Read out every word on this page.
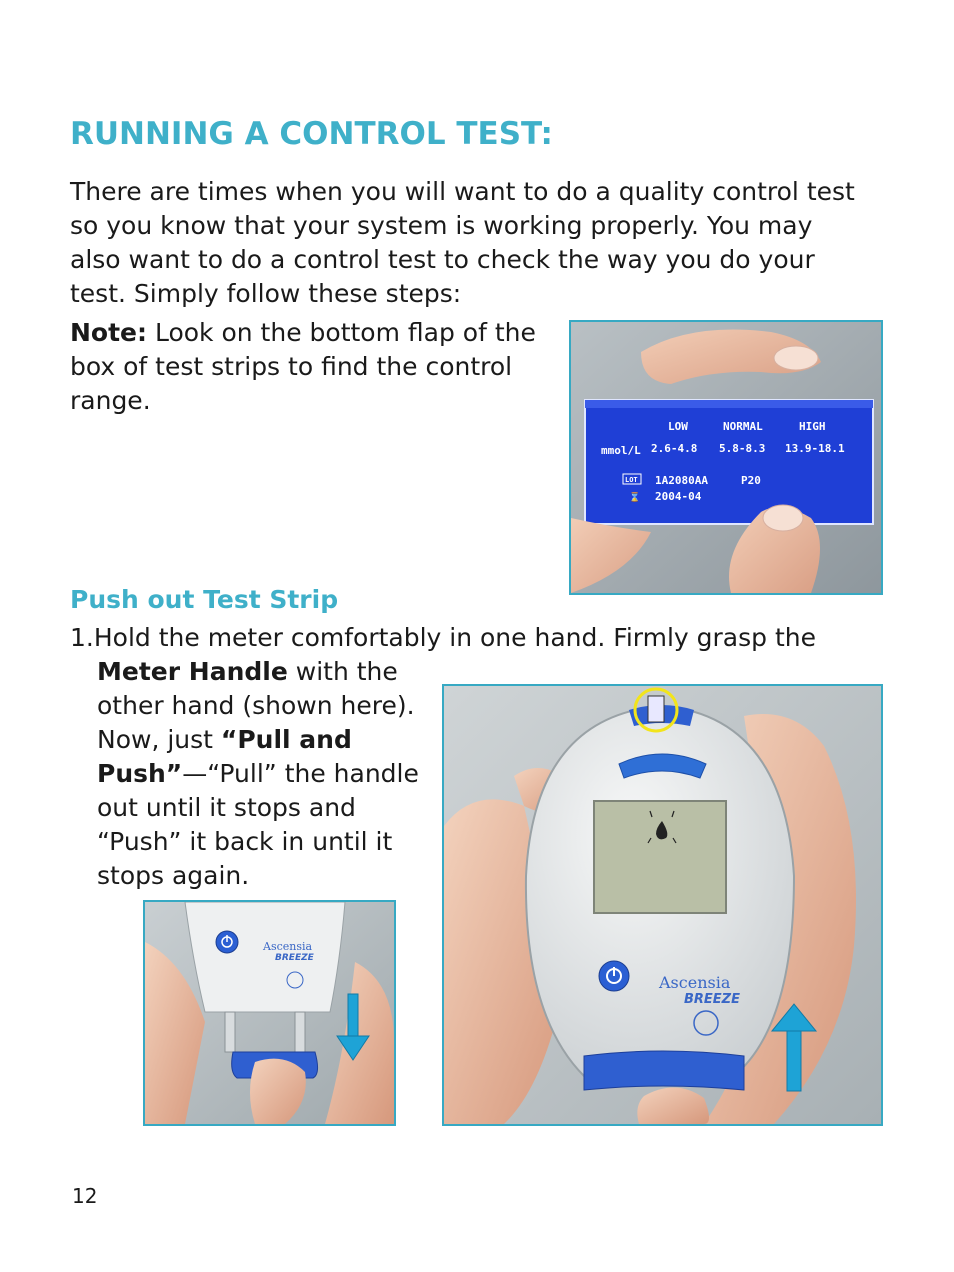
RUNNING A CONTROL TEST:

There are times when you will want to do a quality control test so you know that your system is working properly. You may also want to do a control test to check the way you do your test. Simply follow these steps:

Note: Look on the bottom flap of the box of test strips to find the control range.

LOW	NORMAL	HIGH
mmol/L 2.6-4.8 5.8-8.3 13.9-18.1
LOT 1A2080AA	P20
⌛ 2004-04
Push out Test Strip

1.Hold the meter comfortably in one hand. Firmly grasp the

Meter Handle with the other hand (shown here). Now, just “Pull and Push”—“Pull” the handle out until it stops and “Push” it back in until it stops again.

Ascensia
BREEZE
Ascensia
BREEZE

12
